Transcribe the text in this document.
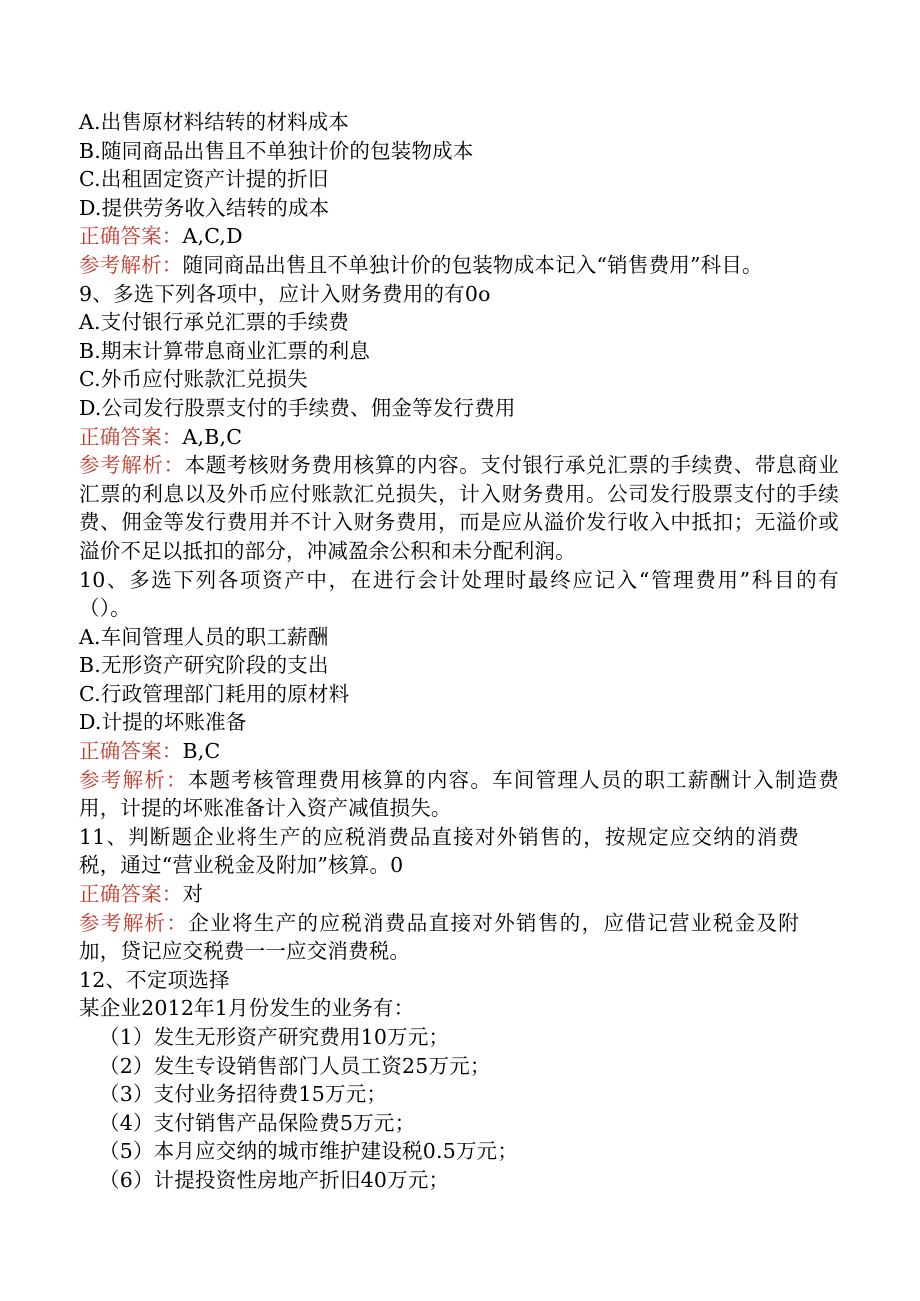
A.出售原材料结转的材料成本
B.随同商品出售且不单独计价的包装物成本
C.出租固定资产计提的折旧
D.提供劳务收入结转的成本
正确答案：A,C,D
参考解析：随同商品出售且不单独计价的包装物成本记入“销售费用”科目。
9、多选下列各项中，应计入财务费用的有0o
A.支付银行承兑汇票的手续费
B.期末计算带息商业汇票的利息
C.外币应付账款汇兑损失
D.公司发行股票支付的手续费、佣金等发行费用
正确答案：A,B,C
参考解析：本题考核财务费用核算的内容。支付银行承兑汇票的手续费、带息商业汇票的利息以及外币应付账款汇兑损失，计入财务费用。公司发行股票支付的手续费、佣金等发行费用并不计入财务费用，而是应从溢价发行收入中抵扣；无溢价或溢价不足以抵扣的部分，冲减盈余公积和未分配利润。
10、多选下列各项资产中，在进行会计处理时最终应记入“管理费用”科目的有（）。
A.车间管理人员的职工薪酬
B.无形资产研究阶段的支出
C.行政管理部门耗用的原材料
D.计提的坏账准备
正确答案：B,C
参考解析：本题考核管理费用核算的内容。车间管理人员的职工薪酬计入制造费用，计提的坏账准备计入资产减值损失。
11、判断题企业将生产的应税消费品直接对外销售的，按规定应交纳的消费税，通过“营业税金及附加”核算。0
正确答案：对
参考解析：企业将生产的应税消费品直接对外销售的，应借记营业税金及附加，贷记应交税费一一应交消费税。
12、不定项选择
某企业2012年1月份发生的业务有：
（1）发生无形资产研究费用10万元；
（2）发生专设销售部门人员工资25万元；
（3）支付业务招待费15万元；
（4）支付销售产品保险费5万元；
（5）本月应交纳的城市维护建设税0.5万元；
（6）计提投资性房地产折旧40万元；
